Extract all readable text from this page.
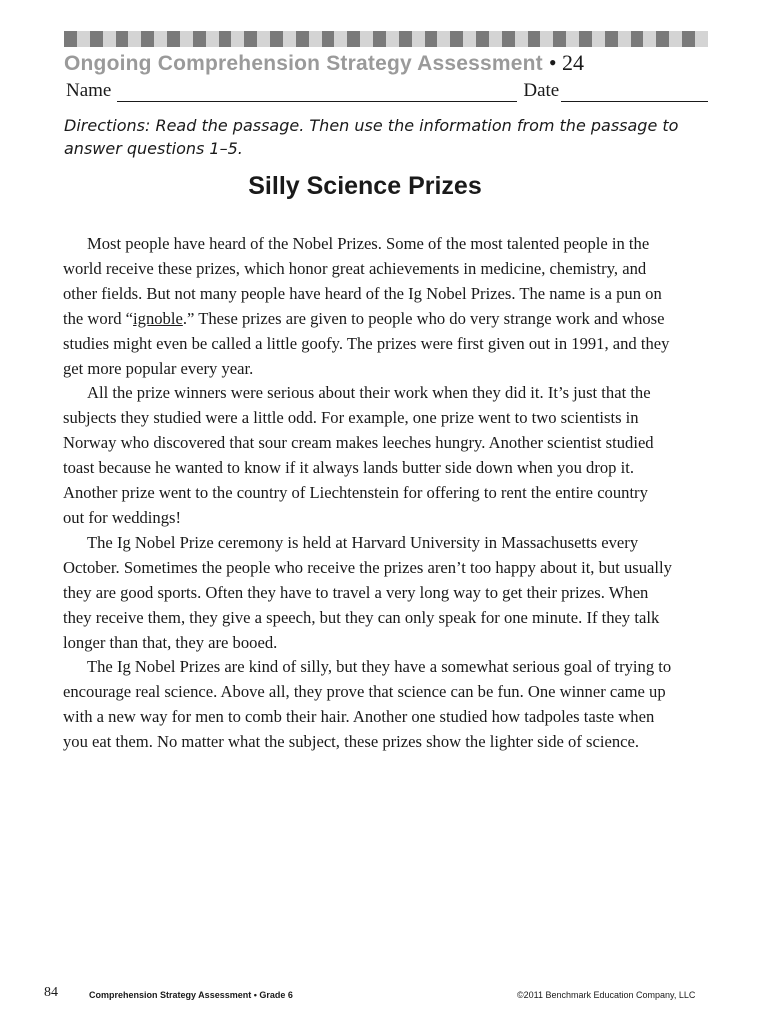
Ongoing Comprehension Strategy Assessment • 24
Name	Date
Directions: Read the passage. Then use the information from the passage to answer questions 1–5.
Silly Science Prizes

Most people have heard of the Nobel Prizes. Some of the most talented people in the world receive these prizes, which honor great achievements in medicine, chemistry, and other fields. But not many people have heard of the Ig Nobel Prizes. The name is a pun on the word “ignoble.” These prizes are given to people who do very strange work and whose studies might even be called a little goofy. The prizes were first given out in 1991, and they get more popular every year.

All the prize winners were serious about their work when they did it. It’s just that the subjects they studied were a little odd. For example, one prize went to two scientists in Norway who discovered that sour cream makes leeches hungry. Another scientist studied toast because he wanted to know if it always lands butter side down when you drop it. Another prize went to the country of Liechtenstein for offering to rent the entire country out for weddings!

The Ig Nobel Prize ceremony is held at Harvard University in Massachusetts every October. Sometimes the people who receive the prizes aren’t too happy about it, but usually they are good sports. Often they have to travel a very long way to get their prizes. When they receive them, they give a speech, but they can only speak for one minute. If they talk longer than that, they are booed.

The Ig Nobel Prizes are kind of silly, but they have a somewhat serious goal of trying to encourage real science. Above all, they prove that science can be fun. One winner came up with a new way for men to comb their hair. Another one studied how tadpoles taste when you eat them. No matter what the subject, these prizes show the lighter side of science.

84	Comprehension Strategy Assessment • Grade 6	©2011 Benchmark Education Company, LLC
